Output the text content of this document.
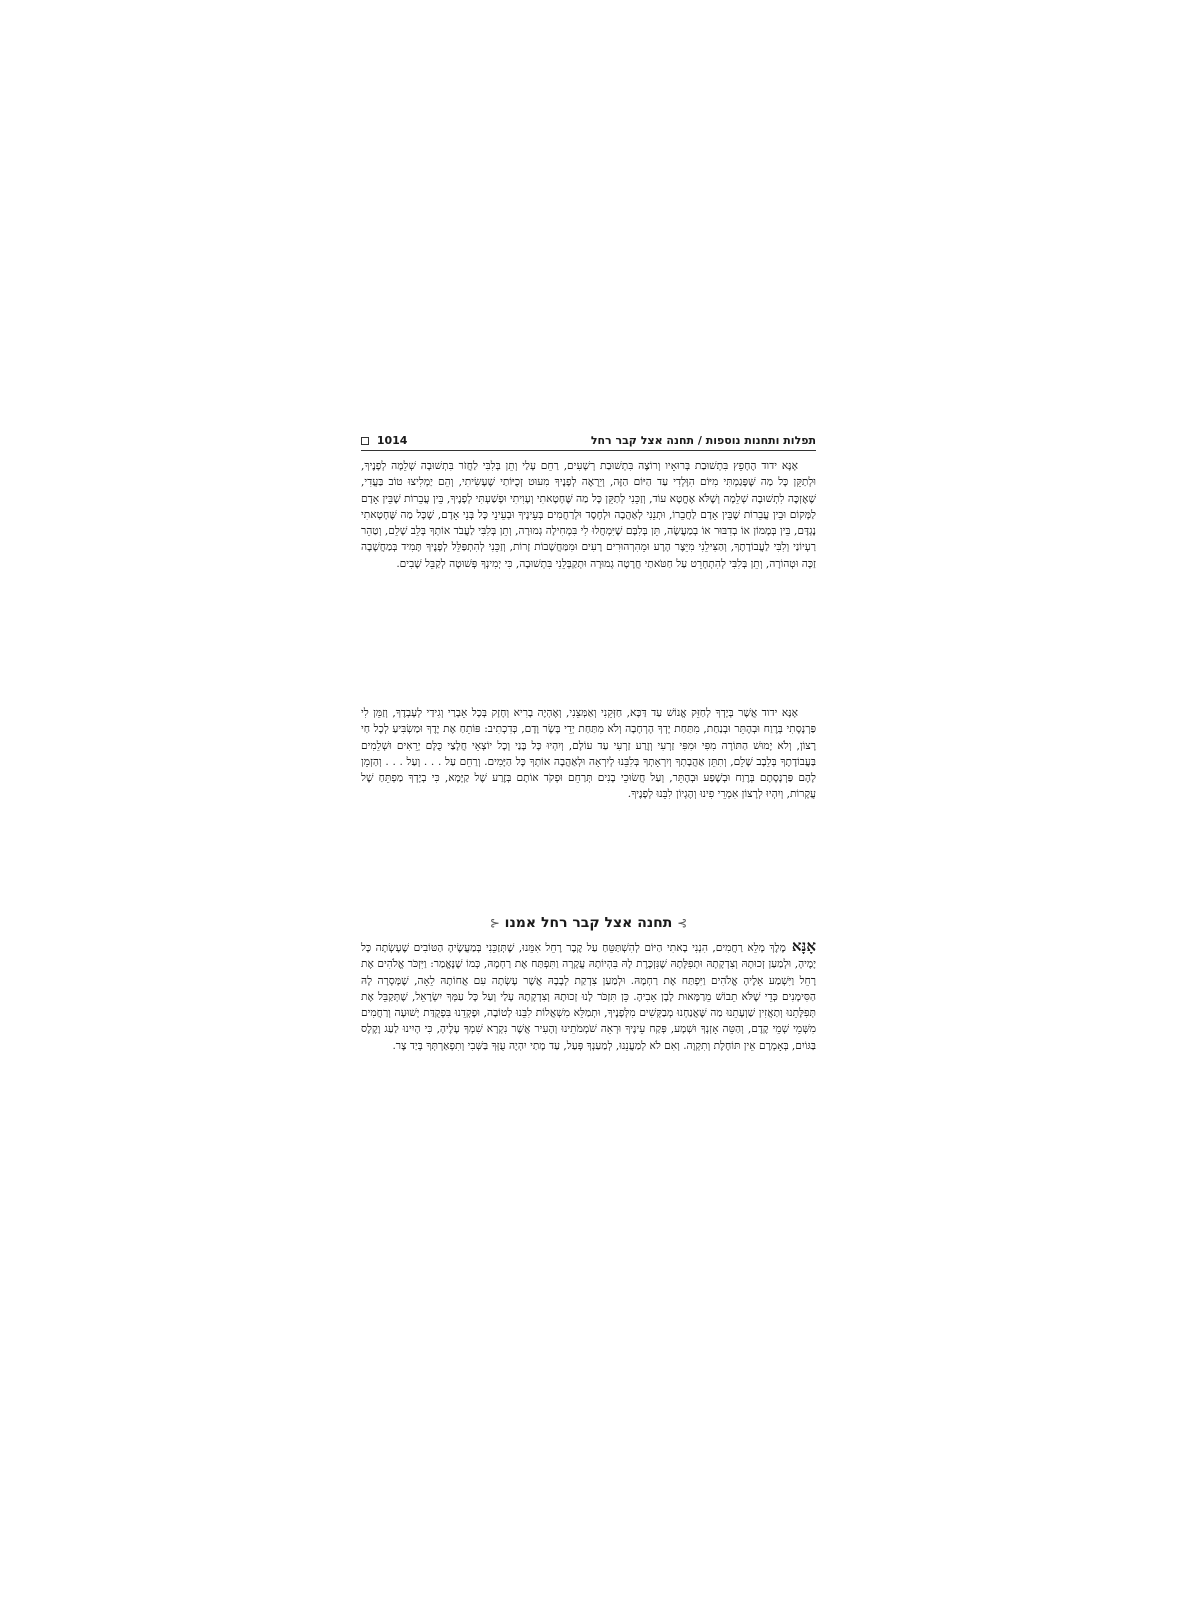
תפלות ותחנות נוספות / תחנה אצל קבר רחל
1014

אָנָּא ידוד הֶחָפֵץ בִּתְשׁוּבַת בְּרוּאָיו וְרוֹצֶה בִּתְשׁוּבַת רְשָׁעִים, רַחֵם עָלַי וְתֵן בְּלִבִּי לַחֲזֹר בִּתְשׁוּבָה שְׁלֵמָה לְפָנֶיךָ, וּלְתַקֵּן כָּל מַה שֶּׁפָּגַמְתִּי מִיּוֹם הִוָּלְדִי עַד הַיּוֹם הַזֶּה, וְיֵרָאֶה לְפָנֶיךָ מִעוּט זְכֻיּוֹתַי שֶׁעָשִׂיתִי, וְהֵם יַמְלִיצוּ טוֹב בַּעֲדִי, שֶׁאֶזְכֶּה לִתְשׁוּבָה שְׁלֵמָה וְשֶׁלֹּא אֶחֱטָא עוֹד, וְזַכֵּנִי לְתַקֵּן כָּל מַה שֶּׁחָטָאתִי וְעָוִיתִי וּפָשַׁעְתִּי לְפָנֶיךָ, בֵּין עֲבֵרוֹת שֶׁבֵּין אָדָם לַמָּקוֹם וּבֵין עֲבֵרוֹת שֶׁבֵּין אָדָם לַחֲבֵרוֹ, וּתְנֵנִי לְאַהֲבָה וּלְחֶסֶד וּלְרַחֲמִים בְּעֵינֶיךָ וּבְעֵינֵי כָּל בְּנֵי אָדָם, שֶׁכָּל מַה שֶּׁחָטָאתִי נֶגְדָּם, בֵּין בְּמָמוֹן אוֹ בְדִבּוּר אוֹ בְמַעֲשֶׂה, תֵּן בְּלִבָּם שֶׁיִּמְחֲלוּ לִי בִּמְחִילָה גְמוּרָה, וְתֵן בְּלִבִּי לַעֲבֹד אוֹתְךָ בְּלֵב שָׁלֵם, וְטַהֵר רַעְיוֹנַי וְלִבִּי לַעֲבוֹדָתֶךָ, וְהַצִּילֵנִי מִיֵּצֶר הָרָע וּמֵהִרְהוּרִים רָעִים וּמִמַּחֲשָׁבוֹת זָרוֹת, וְזַכֵּנִי לְהִתְפַּלֵּל לְפָנֶיךָ תָּמִיד בְּמַחֲשָׁבָה זַכָּה וּטְהוֹרָה, וְתֵן בְּלִבִּי לְהִתְחָרֵט עַל חַטֹּאתַי חֲרָטָה גְמוּרָה וּתְקַבְּלֵנִי בִּתְשׁוּבָה, כִּי יְמִינְךָ פְּשׁוּטָה לְקַבֵּל שָׁבִים.

אָנָּא ידוד אֲשֶׁר בְּיָדְךָ לְחַזֵּק אֱנוֹשׁ עַד דַּכָּא, חַזְּקֵנִי וְאַמְּצֵנִי, וְאֶהְיֶה בָרִיא וְחָזָק בְּכָל אֵבָרַי וְגִידַי לְעָבְדֶךָ, וְזַמֵּן לִי פַּרְנָסָתִי בְּרֶוַח וּבְהֶתֵּר וּבְנַחַת, מִתַּחַת יָדְךָ הָרְחָבָה וְלֹא מִתַּחַת יְדֵי בָּשָׂר וָדָם, כְּדִכְתִיב: פּוֹתֵחַ אֶת יָדֶךָ וּמַשְׂבִּיעַ לְכָל חַי רָצוֹן, וְלֹא יָמוּשׁ הַתּוֹרָה מִפִּי וּמִפִּי זַרְעִי וְזֶרַע זַרְעִי עַד עוֹלָם, וְיִהְיוּ כָּל בָּנַי וְכָל יוֹצְאֵי חֲלָצַי כֻּלָּם יְרֵאִים וּשְׁלֵמִים בַּעֲבוֹדָתֶךָ בְּלֵבָב שָׁלֵם, וְתִתֵּן אַהֲבָתְךָ וְיִרְאָתְךָ בְּלִבֵּנוּ לְיִרְאָה וּלְאַהֲבָה אוֹתְךָ כָּל הַיָּמִים. וְרַחֵם עַל . . . וְעַל . . . וְהַזְמֵן לָהֶם פַּרְנָסָתָם בְּרֶוַח וּבְשֶׁפַע וּבְהֶתֵּר, וְעַל חֲשׂוּכֵי בָנִים תְּרַחֵם וּפְקֹד אוֹתָם בְּזֶרַע שֶׁל קַיָּמָא, כִּי בְיָדְךָ מַפְתֵּחַ שֶׁל עֲקָרוֹת, וְיִהְיוּ לְרָצוֹן אִמְרֵי פִינוּ וְהֶגְיוֹן לִבֵּנוּ לְפָנֶיךָ.

⊱ תחנה אצל קבר רחל אמנו ⊰

אָנָּאמֶלֶךְ מָלֵא רַחֲמִים, הִנְנִי בָאתִי הַיּוֹם לְהִשְׁתַּטֵּחַ עַל קֶבֶר רָחֵל אִמֵּנוּ, שֶׁתְּזַכֵּנִי בְּמַעֲשֶׂיהָ הַטּוֹבִים שֶׁעָשְׂתָה כָּל יָמֶיהָ, וּלְמַעַן זְכוּתָהּ וְצִדְקָתָהּ וּתְפִלָּתָהּ שֶׁנִּזְכֶּרֶת לָהּ בִּהְיוֹתָהּ עֲקָרָה וַתִּפְתַּח אֶת רַחְמָהּ, כְּמוֹ שֶׁנֶּאֱמַר: וַיִּזְכֹּר אֱלֹהִים אֶת רָחֵל וַיִּשְׁמַע אֵלֶיהָ אֱלֹהִים וַיִּפְתַּח אֶת רַחְמָהּ. וּלְמַעַן צִדְקַת לְבָבָהּ אֲשֶׁר עָשְׂתָה עִם אֲחוֹתָהּ לֵאָה, שֶׁמָּסְרָה לָהּ הַסִּימָנִים כְּדֵי שֶׁלֹּא תֵבוֹשׁ מֵרַמָּאוּת לָבָן אָבִיהָ. כֵּן תִּזְכֹּר לָנוּ זְכוּתָהּ וְצִדְקָתָהּ עָלַי וְעַל כָּל עַמְּךָ יִשְׂרָאֵל, שֶׁתְּקַבֵּל אֶת תְּפִלָּתֵנוּ וְתַאֲזִין שַׁוְעָתֵנוּ מַה שֶּׁאֲנַחְנוּ מְבַקְּשִׁים מִלְּפָנֶיךָ, וּתְמַלֵּא מִשְׁאֲלוֹת לִבֵּנוּ לְטוֹבָה, וּפָקְדֵנוּ בִּפְקֻדַּת יְשׁוּעָה וְרַחֲמִים מִשְּׁמֵי שְׁמֵי קֶדֶם, וְהַטֵּה אָזְנְךָ וּשְׁמָע, פְּקַח עֵינֶיךָ וּרְאֵה שֹׁמְמֹתֵינוּ וְהָעִיר אֲשֶׁר נִקְרָא שִׁמְךָ עָלֶיהָ, כִּי הָיִינוּ לַעַג וָקֶלֶס בַּגּוֹיִם, בְּאָמְרָם אֵין תּוֹחֶלֶת וְתִקְוָה. וְאִם לֹא לְמַעֲנֵנוּ, לְמַעַנְךָ פְּעַל, עַד מָתַי יִהְיֶה עֻזְּךָ בַּשְּׁבִי וְתִפְאַרְתְּךָ בְּיַד צָר.
